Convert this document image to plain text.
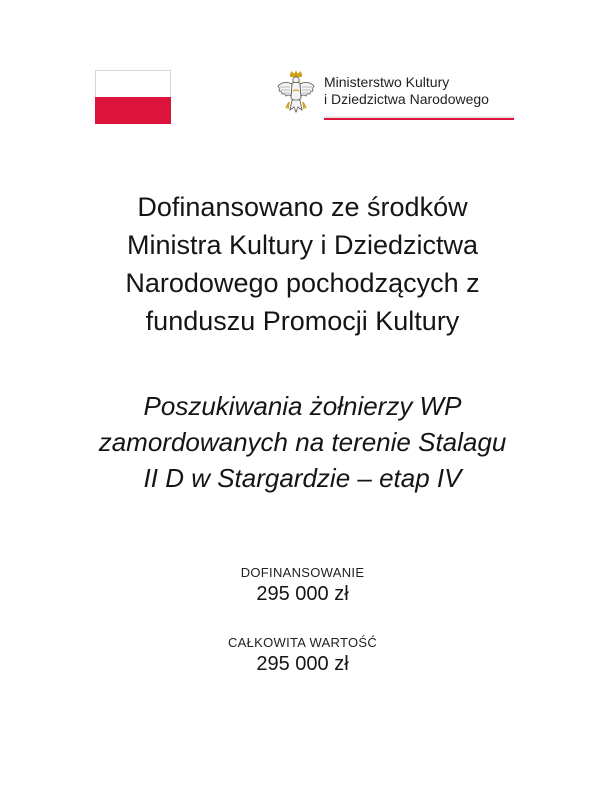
Ministerstwo Kultury
i Dziedzictwa Narodowego
Dofinansowano ze środków
Ministra Kultury i Dziedzictwa
Narodowego pochodzących z
funduszu Promocji Kultury
Poszukiwania żołnierzy WP
zamordowanych na terenie Stalagu
II D w Stargardzie – etap IV
DOFINANSOWANIE
295 000 zł
CAŁKOWITA WARTOŚĆ
295 000 zł
